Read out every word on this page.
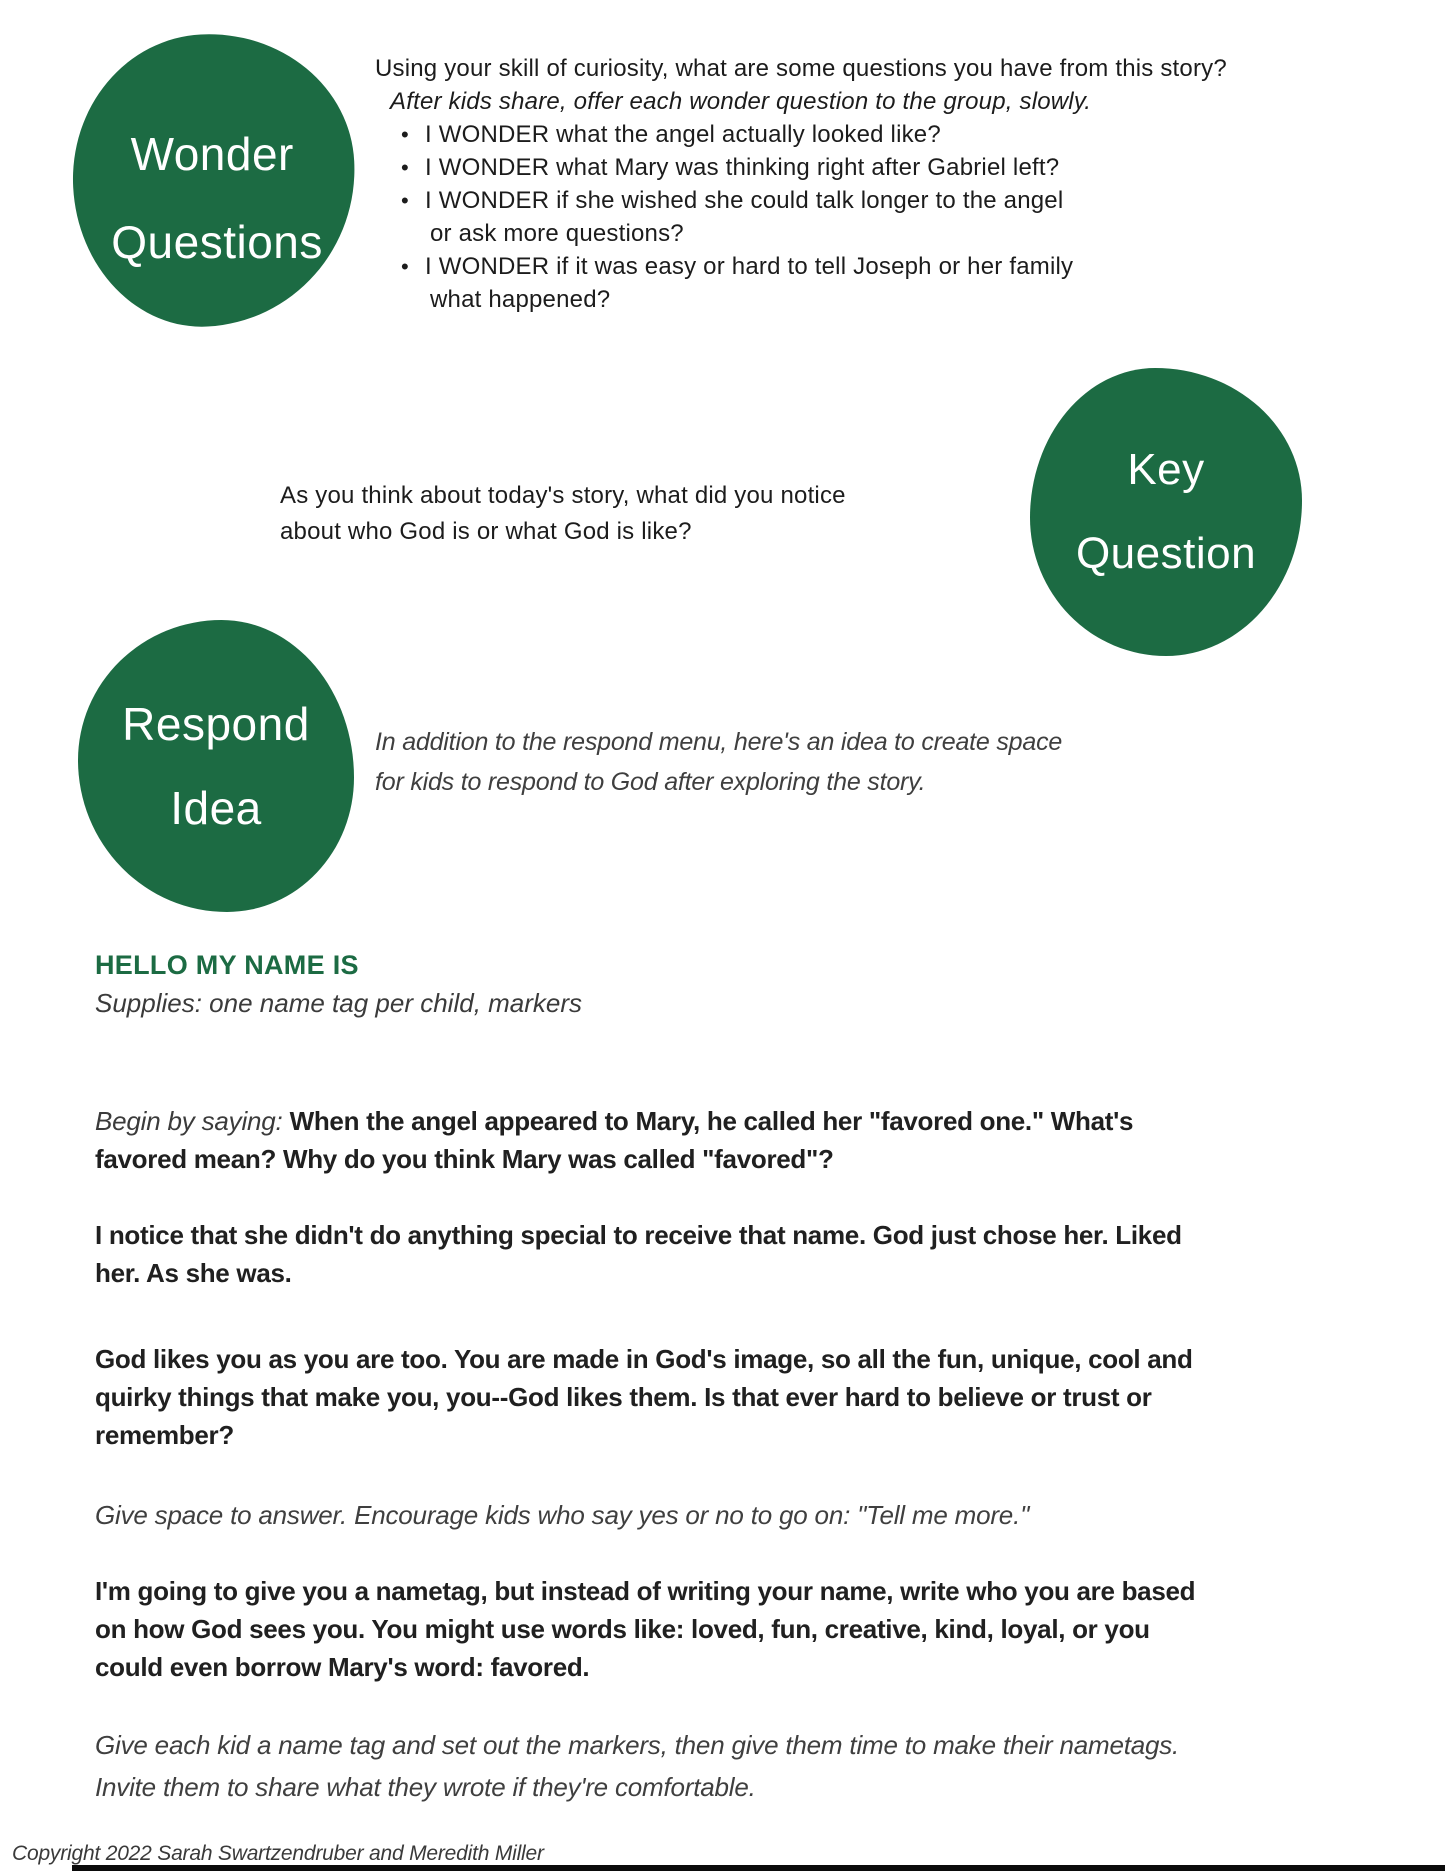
Wonder
Questions
Using your skill of curiosity, what are some questions you have from this story?
After kids share, offer each wonder question to the group, slowly.
• I WONDER what the angel actually looked like?
• I WONDER what Mary was thinking right after Gabriel left?
• I WONDER if she wished she could talk longer to the angel
or ask more questions?
• I WONDER if it was easy or hard to tell Joseph or her family
what happened?
As you think about today's story, what did you notice
about who God is or what God is like?
Key
Question
Respond
Idea
In addition to the respond menu, here's an idea to create space
for kids to respond to God after exploring the story.
HELLO MY NAME IS
Supplies: one name tag per child, markers

Begin by saying: When the angel appeared to Mary, he called her "favored one." What's favored mean? Why do you think Mary was called "favored"?

I notice that she didn't do anything special to receive that name. God just chose her. Liked her. As she was.

God likes you as you are too. You are made in God's image, so all the fun, unique, cool and quirky things that make you, you--God likes them. Is that ever hard to believe or trust or remember?

Give space to answer. Encourage kids who say yes or no to go on: "Tell me more."

I'm going to give you a nametag, but instead of writing your name, write who you are based on how God sees you. You might use words like: loved, fun, creative, kind, loyal, or you could even borrow Mary's word: favored.

Give each kid a name tag and set out the markers, then give them time to make their nametags. Invite them to share what they wrote if they're comfortable.

Copyright 2022 Sarah Swartzendruber and Meredith Miller
